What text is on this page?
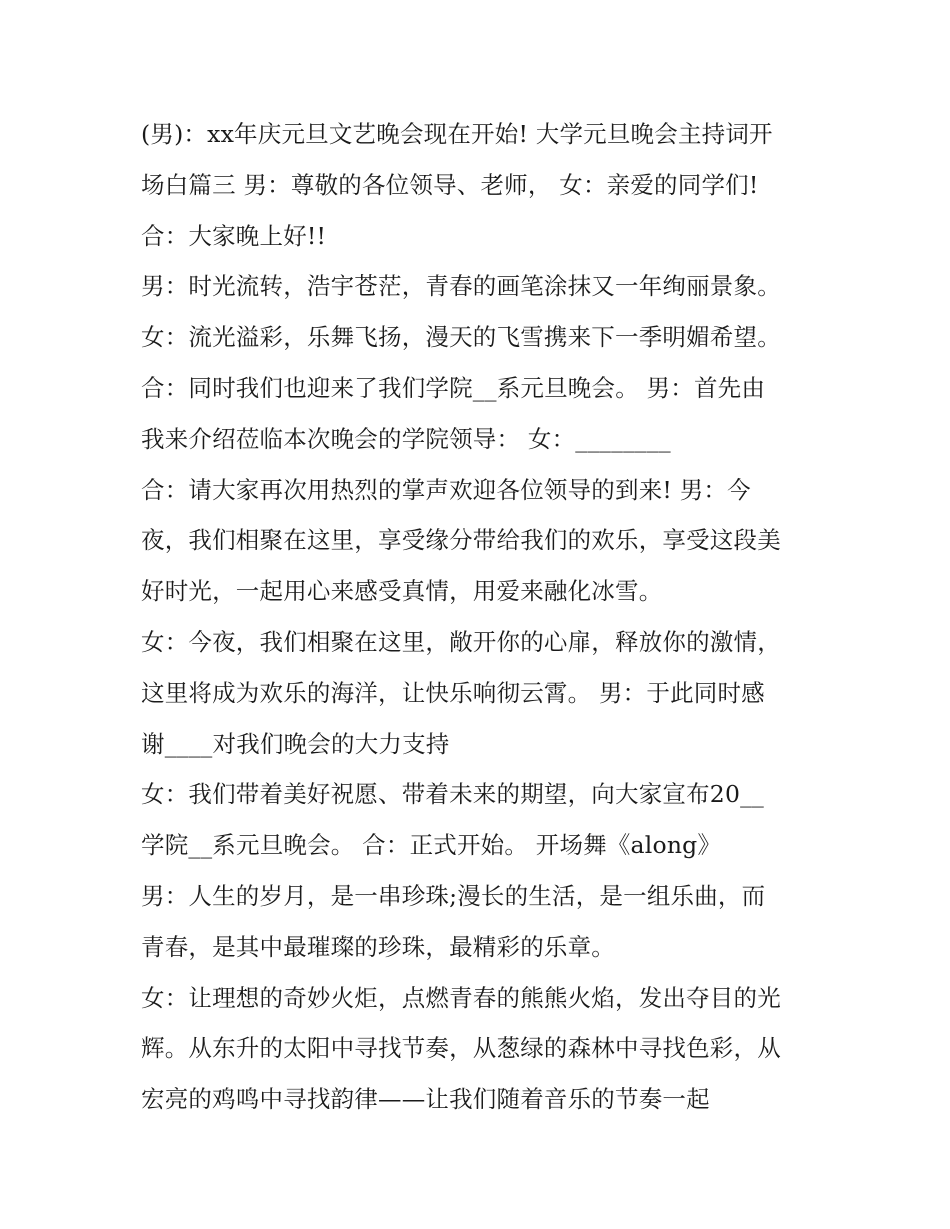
(男)：xx年庆元旦文艺晚会现在开始! 大学元旦晚会主持词开
场白篇三 男：尊敬的各位领导、老师， 女：亲爱的同学们!
合：大家晚上好!!
男：时光流转，浩宇苍茫，青春的画笔涂抹又一年绚丽景象。
女：流光溢彩，乐舞飞扬，漫天的飞雪携来下一季明媚希望。
合：同时我们也迎来了我们学院__系元旦晚会。 男：首先由
我来介绍莅临本次晚会的学院领导： 女：________
合：请大家再次用热烈的掌声欢迎各位领导的到来! 男：今
夜，我们相聚在这里，享受缘分带给我们的欢乐，享受这段美
好时光，一起用心来感受真情，用爱来融化冰雪。
女：今夜，我们相聚在这里，敞开你的心扉，释放你的激情，
这里将成为欢乐的海洋，让快乐响彻云霄。 男：于此同时感
谢____对我们晚会的大力支持
女：我们带着美好祝愿、带着未来的期望，向大家宣布20__
学院__系元旦晚会。 合：正式开始。 开场舞《along》
男：人生的岁月，是一串珍珠;漫长的生活，是一组乐曲，而
青春，是其中最璀璨的珍珠，最精彩的乐章。
女：让理想的奇妙火炬，点燃青春的熊熊火焰，发出夺目的光
辉。从东升的太阳中寻找节奏，从葱绿的森林中寻找色彩，从
宏亮的鸡鸣中寻找韵律——让我们随着音乐的节奏一起
